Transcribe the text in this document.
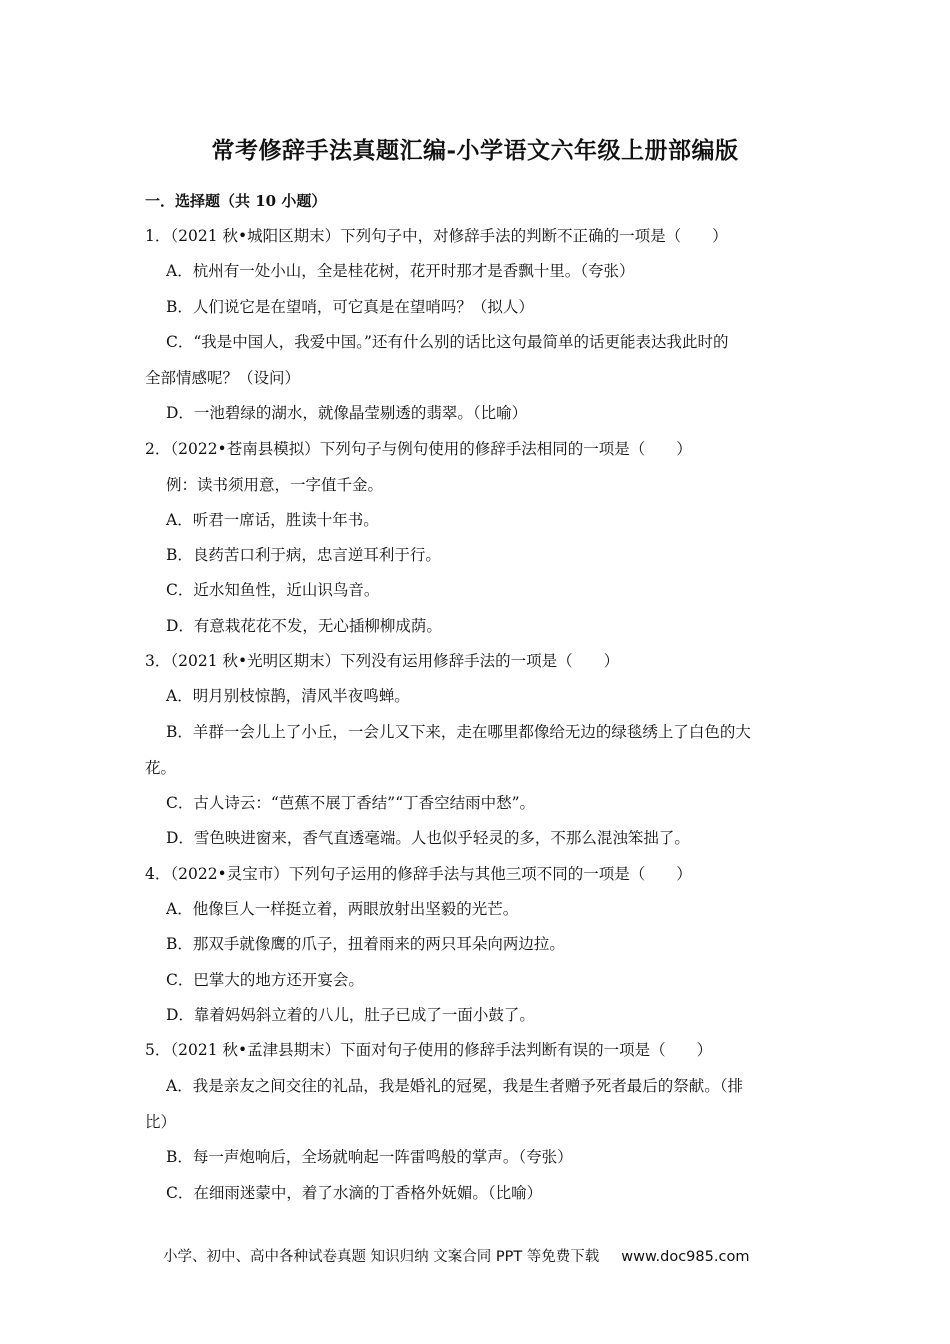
常考修辞手法真题汇编-小学语文六年级上册部编版
一．选择题（共 10 小题）
1．（2021 秋•城阳区期末）下列句子中，对修辞手法的判断不正确的一项是（　　）
A．杭州有一处小山，全是桂花树，花开时那才是香飘十里。（夸张）
B．人们说它是在望哨，可它真是在望哨吗？（拟人）
C．“我是中国人，我爱中国。”还有什么别的话比这句最简单的话更能表达我此时的
全部情感呢？（设问）
D．一池碧绿的湖水，就像晶莹剔透的翡翠。（比喻）
2．（2022•苍南县模拟）下列句子与例句使用的修辞手法相同的一项是（　　）
例：读书须用意，一字值千金。
A．听君一席话，胜读十年书。
B．良药苦口利于病，忠言逆耳利于行。
C．近水知鱼性，近山识鸟音。
D．有意栽花花不发，无心插柳柳成荫。
3．（2021 秋•光明区期末）下列没有运用修辞手法的一项是（　　）
A．明月别枝惊鹊，清风半夜鸣蝉。
B．羊群一会儿上了小丘，一会儿又下来，走在哪里都像给无边的绿毯绣上了白色的大
花。
C．古人诗云：“芭蕉不展丁香结”“丁香空结雨中愁”。
D．雪色映进窗来，香气直透毫端。人也似乎轻灵的多，不那么混浊笨拙了。
4．（2022•灵宝市）下列句子运用的修辞手法与其他三项不同的一项是（　　）
A．他像巨人一样挺立着，两眼放射出坚毅的光芒。
B．那双手就像鹰的爪子，扭着雨来的两只耳朵向两边拉。
C．巴掌大的地方还开宴会。
D．靠着妈妈斜立着的八儿，肚子已成了一面小鼓了。
5．（2021 秋•孟津县期末）下面对句子使用的修辞手法判断有误的一项是（　　）
A．我是亲友之间交往的礼品，我是婚礼的冠冕，我是生者赠予死者最后的祭献。（排
比）
B．每一声炮响后，全场就响起一阵雷鸣般的掌声。（夸张）
C．在细雨迷蒙中，着了水滴的丁香格外妩媚。（比喻）
小学、初中、高中各种试卷真题 知识归纳 文案合同 PPT 等免费下载 www.doc985.com
